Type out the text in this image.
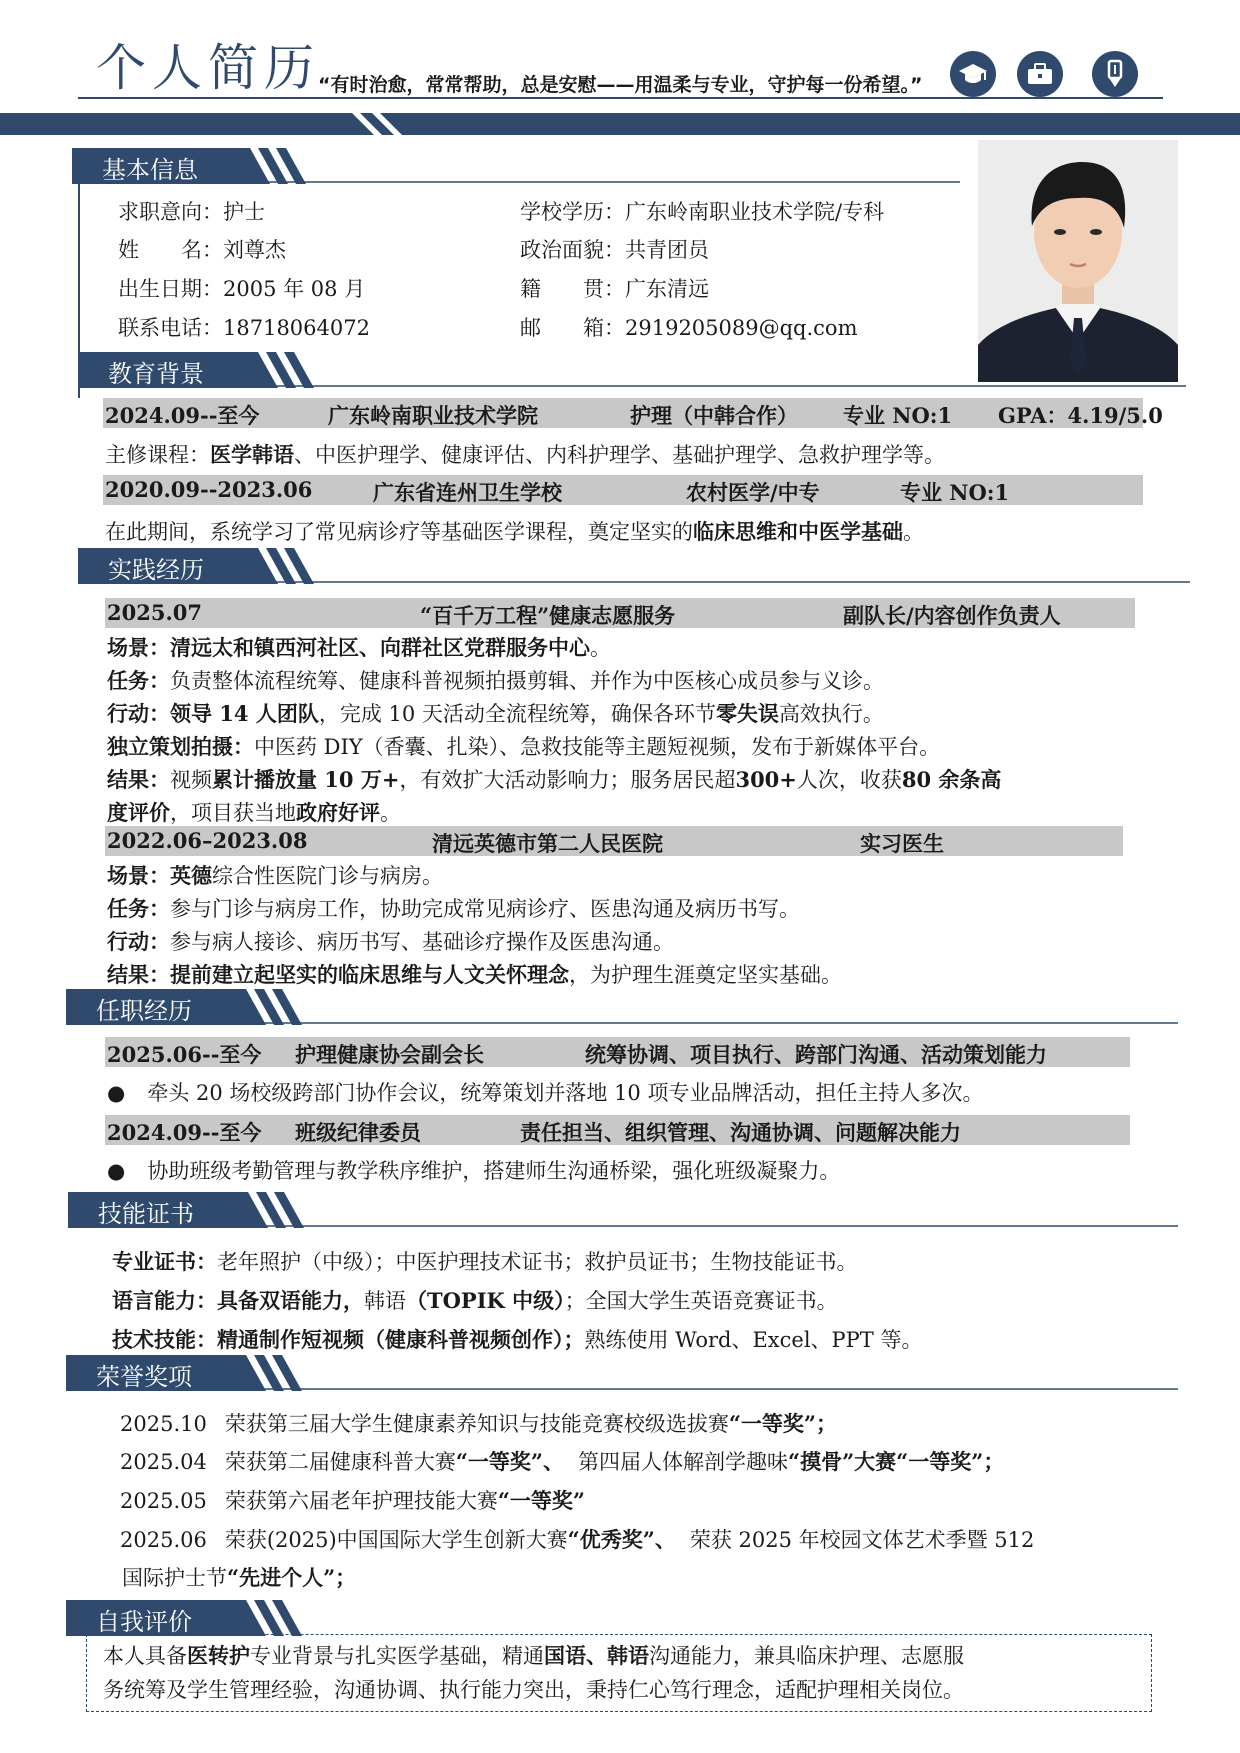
个人简历
“有时治愈，常常帮助，总是安慰——用温柔与专业，守护每一份希望。”
基本信息
求职意向：护士
姓　　名：刘尊杰
出生日期：2005 年 08 月
联系电话：18718064072
学校学历：广东岭南职业技术学院/专科
政治面貌：共青团员
籍　　贯：广东清远
邮　　箱：2919205089@qq.com
教育背景
2024.09--至今	广东岭南职业技术学院	护理（中韩合作） 专业 NO:1 GPA：4.19/5.0
主修课程：医学韩语、中医护理学、健康评估、内科护理学、基础护理学、急救护理学等。
2020.09--2023.06	广东省连州卫生学校	农村医学/中专	专业 NO:1
在此期间，系统学习了常见病诊疗等基础医学课程，奠定坚实的临床思维和中医学基础。
实践经历
2025.07	“百千万工程”健康志愿服务	副队长/内容创作负责人
场景：清远太和镇西河社区、向群社区党群服务中心。
任务：负责整体流程统筹、健康科普视频拍摄剪辑、并作为中医核心成员参与义诊。
行动：领导 14 人团队，完成 10 天活动全流程统筹，确保各环节零失误高效执行。
独立策划拍摄：中医药 DIY（香囊、扎染）、急救技能等主题短视频，发布于新媒体平台。
结果：视频累计播放量 10 万+，有效扩大活动影响力；服务居民超300+人次，收获80 余条高
度评价，项目获当地政府好评。
2022.06–2023.08	清远英德市第二人民医院	实习医生
场景：英德综合性医院门诊与病房。
任务：参与门诊与病房工作，协助完成常见病诊疗、医患沟通及病历书写。
行动：参与病人接诊、病历书写、基础诊疗操作及医患沟通。
结果：提前建立起坚实的临床思维与人文关怀理念，为护理生涯奠定坚实基础。
任职经历
2025.06--至今 护理健康协会副会长	统筹协调、项目执行、跨部门沟通、活动策划能力
● 牵头 20 场校级跨部门协作会议，统筹策划并落地 10 项专业品牌活动，担任主持人多次。
2024.09--至今 班级纪律委员	责任担当、组织管理、沟通协调、问题解决能力
● 协助班级考勤管理与教学秩序维护，搭建师生沟通桥梁，强化班级凝聚力。
技能证书
专业证书：老年照护（中级）；中医护理技术证书；救护员证书；生物技能证书。
语言能力：具备双语能力，韩语（TOPIK 中级）；全国大学生英语竞赛证书。
技术技能：精通制作短视频（健康科普视频创作）；熟练使用 Word、Excel、PPT 等。
荣誉奖项
2025.10 荣获第三届大学生健康素养知识与技能竞赛校级选拔赛“一等奖”；
2025.04 荣获第二届健康科普大赛“一等奖”、 第四届人体解剖学趣味“摸骨”大赛“一等奖”；
2025.05 荣获第六届老年护理技能大赛“一等奖”
2025.06 荣获(2025)中国国际大学生创新大赛“优秀奖”、 荣获 2025 年校园文体艺术季暨 512
国际护士节“先进个人”；
自我评价
本人具备医转护专业背景与扎实医学基础，精通国语、韩语沟通能力，兼具临床护理、志愿服
务统筹及学生管理经验，沟通协调、执行能力突出，秉持仁心笃行理念，适配护理相关岗位。
